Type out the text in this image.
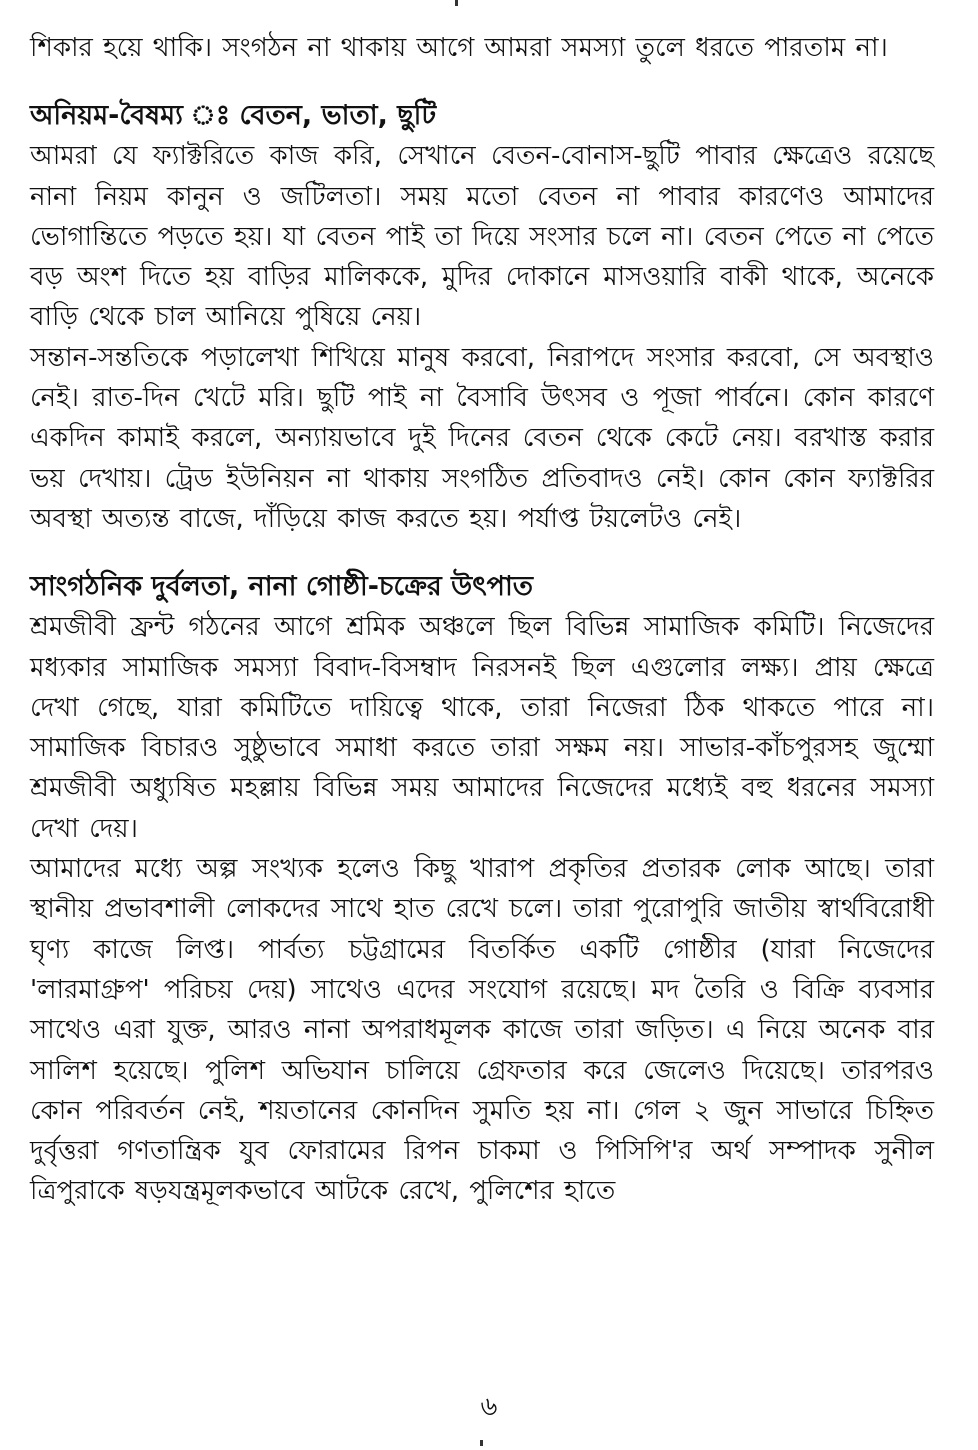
শিকার হয়ে থাকি। সংগঠন না থাকায় আগে আমরা সমস্যা তুলে ধরতে পারতাম না।

অনিয়ম-বৈষম্য ঃ বেতন, ভাতা, ছুটি

আমরা যে ফ্যাক্টরিতে কাজ করি, সেখানে বেতন-বোনাস-ছুটি পাবার ক্ষেত্রেও রয়েছে নানা নিয়ম কানুন ও জটিলতা। সময় মতো বেতন না পাবার কারণেও আমাদের ভোগান্তিতে পড়তে হয়। যা বেতন পাই তা দিয়ে সংসার চলে না। বেতন পেতে না পেতে বড় অংশ দিতে হয় বাড়ির মালিককে, মুদির দোকানে মাসওয়ারি বাকী থাকে, অনেকে বাড়ি থেকে চাল আনিয়ে পুষিয়ে নেয়।

সন্তান-সন্ততিকে পড়ালেখা শিখিয়ে মানুষ করবো, নিরাপদে সংসার করবো, সে অবস্থাও নেই। রাত-দিন খেটে মরি। ছুটি পাই না বৈসাবি উৎসব ও পূজা পার্বনে। কোন কারণে একদিন কামাই করলে, অন্যায়ভাবে দুই দিনের বেতন থেকে কেটে নেয়। বরখাস্ত করার ভয় দেখায়। ট্রেড ইউনিয়ন না থাকায় সংগঠিত প্রতিবাদও নেই। কোন কোন ফ্যাক্টরির অবস্থা অত্যন্ত বাজে, দাঁড়িয়ে কাজ করতে হয়। পর্যাপ্ত টয়লেটও নেই।

সাংগঠনিক দুর্বলতা, নানা গোষ্ঠী-চক্রের উৎপাত

শ্রমজীবী ফ্রন্ট গঠনের আগে শ্রমিক অঞ্চলে ছিল বিভিন্ন সামাজিক কমিটি। নিজেদের মধ্যকার সামাজিক সমস্যা বিবাদ-বিসম্বাদ নিরসনই ছিল এগুলোর লক্ষ্য। প্রায় ক্ষেত্রে দেখা গেছে, যারা কমিটিতে দায়িত্বে থাকে, তারা নিজেরা ঠিক থাকতে পারে না। সামাজিক বিচারও সুষ্ঠুভাবে সমাধা করতে তারা সক্ষম নয়। সাভার-কাঁচপুরসহ জুম্মো শ্রমজীবী অধ্যুষিত মহল্লায় বিভিন্ন সময় আমাদের নিজেদের মধ্যেই বহু ধরনের সমস্যা দেখা দেয়।

আমাদের মধ্যে অল্প সংখ্যক হলেও কিছু খারাপ প্রকৃতির প্রতারক লোক আছে। তারা স্থানীয় প্রভাবশালী লোকদের সাথে হাত রেখে চলে। তারা পুরোপুরি জাতীয় স্বার্থবিরোধী ঘৃণ্য কাজে লিপ্ত। পার্বত্য চট্টগ্রামের বিতর্কিত একটি গোষ্ঠীর (যারা নিজেদের 'লারমাগ্রুপ' পরিচয় দেয়) সাথেও এদের সংযোগ রয়েছে। মদ তৈরি ও বিক্রি ব্যবসার সাথেও এরা যুক্ত, আরও নানা অপরাধমূলক কাজে তারা জড়িত। এ নিয়ে অনেক বার সালিশ হয়েছে। পুলিশ অভিযান চালিয়ে গ্রেফতার করে জেলেও দিয়েছে। তারপরও কোন পরিবর্তন নেই, শয়তানের কোনদিন সুমতি হয় না। গেল ২ জুন সাভারে চিহ্নিত দুর্বৃত্তরা গণতান্ত্রিক যুব ফোরামের রিপন চাকমা ও পিসিপি'র অর্থ সম্পাদক সুনীল ত্রিপুরাকে ষড়যন্ত্রমূলকভাবে আটকে রেখে, পুলিশের হাতে

৬
